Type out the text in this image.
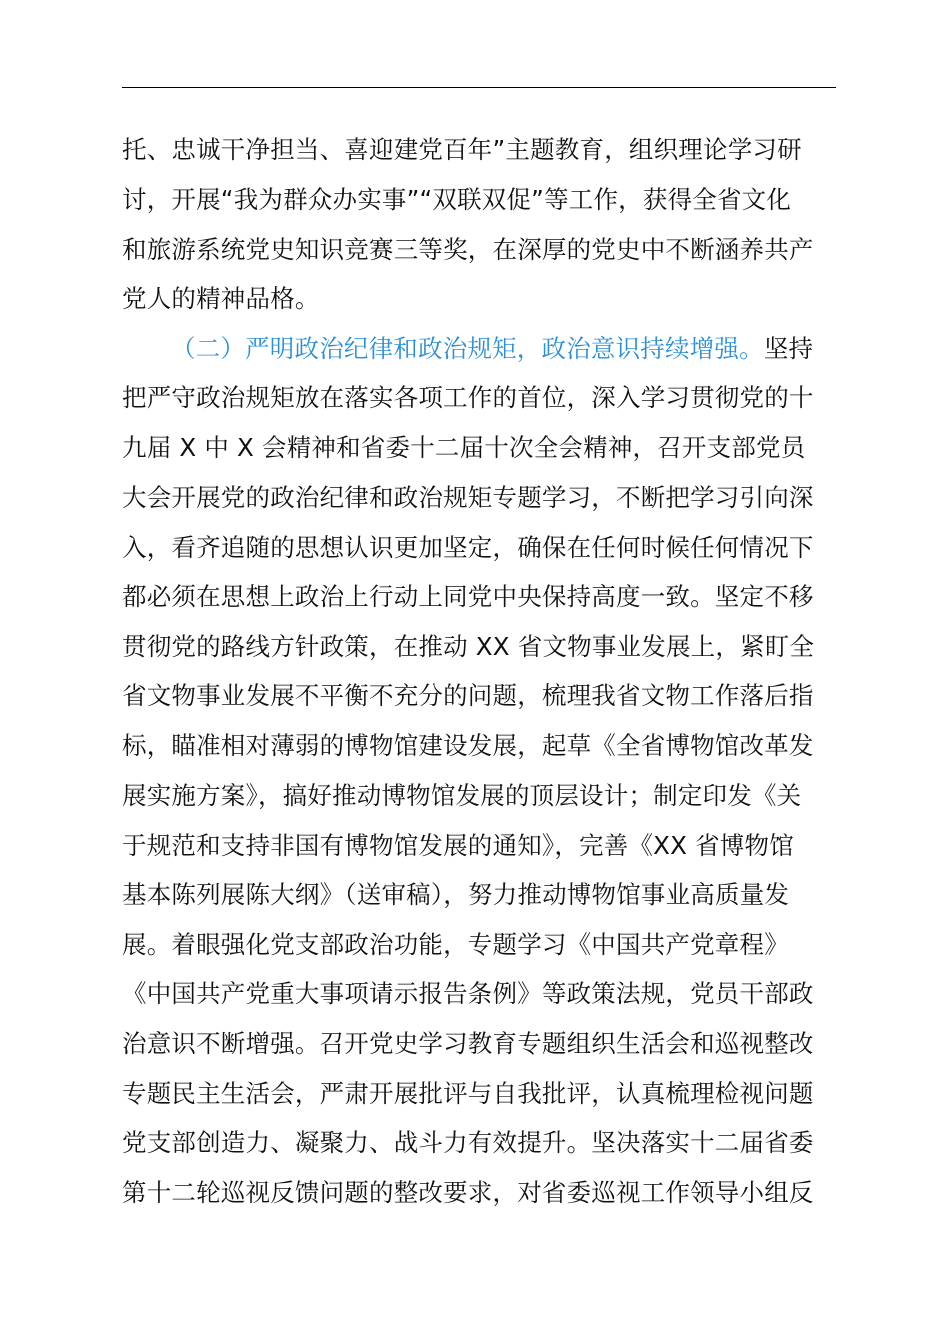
托、忠诚干净担当、喜迎建党百年”主题教育，组织理论学习研
讨，开展“我为群众办实事”“双联双促”等工作，获得全省文化
和旅游系统党史知识竞赛三等奖，在深厚的党史中不断涵养共产
党人的精神品格。
（二）严明政治纪律和政治规矩，政治意识持续增强。坚持
把严守政治规矩放在落实各项工作的首位，深入学习贯彻党的十
九届 X 中 X 会精神和省委十二届十次全会精神，召开支部党员
大会开展党的政治纪律和政治规矩专题学习，不断把学习引向深
入，看齐追随的思想认识更加坚定，确保在任何时候任何情况下
都必须在思想上政治上行动上同党中央保持高度一致。坚定不移
贯彻党的路线方针政策，在推动 XX 省文物事业发展上，紧盯全
省文物事业发展不平衡不充分的问题，梳理我省文物工作落后指
标，瞄准相对薄弱的博物馆建设发展，起草《全省博物馆改革发
展实施方案》，搞好推动博物馆发展的顶层设计；制定印发《关
于规范和支持非国有博物馆发展的通知》，完善《XX 省博物馆
基本陈列展陈大纲》（送审稿），努力推动博物馆事业高质量发
展。着眼强化党支部政治功能，专题学习《中国共产党章程》
《中国共产党重大事项请示报告条例》等政策法规，党员干部政
治意识不断增强。召开党史学习教育专题组织生活会和巡视整改
专题民主生活会，严肃开展批评与自我批评，认真梳理检视问题
党支部创造力、凝聚力、战斗力有效提升。坚决落实十二届省委
第十二轮巡视反馈问题的整改要求，对省委巡视工作领导小组反
